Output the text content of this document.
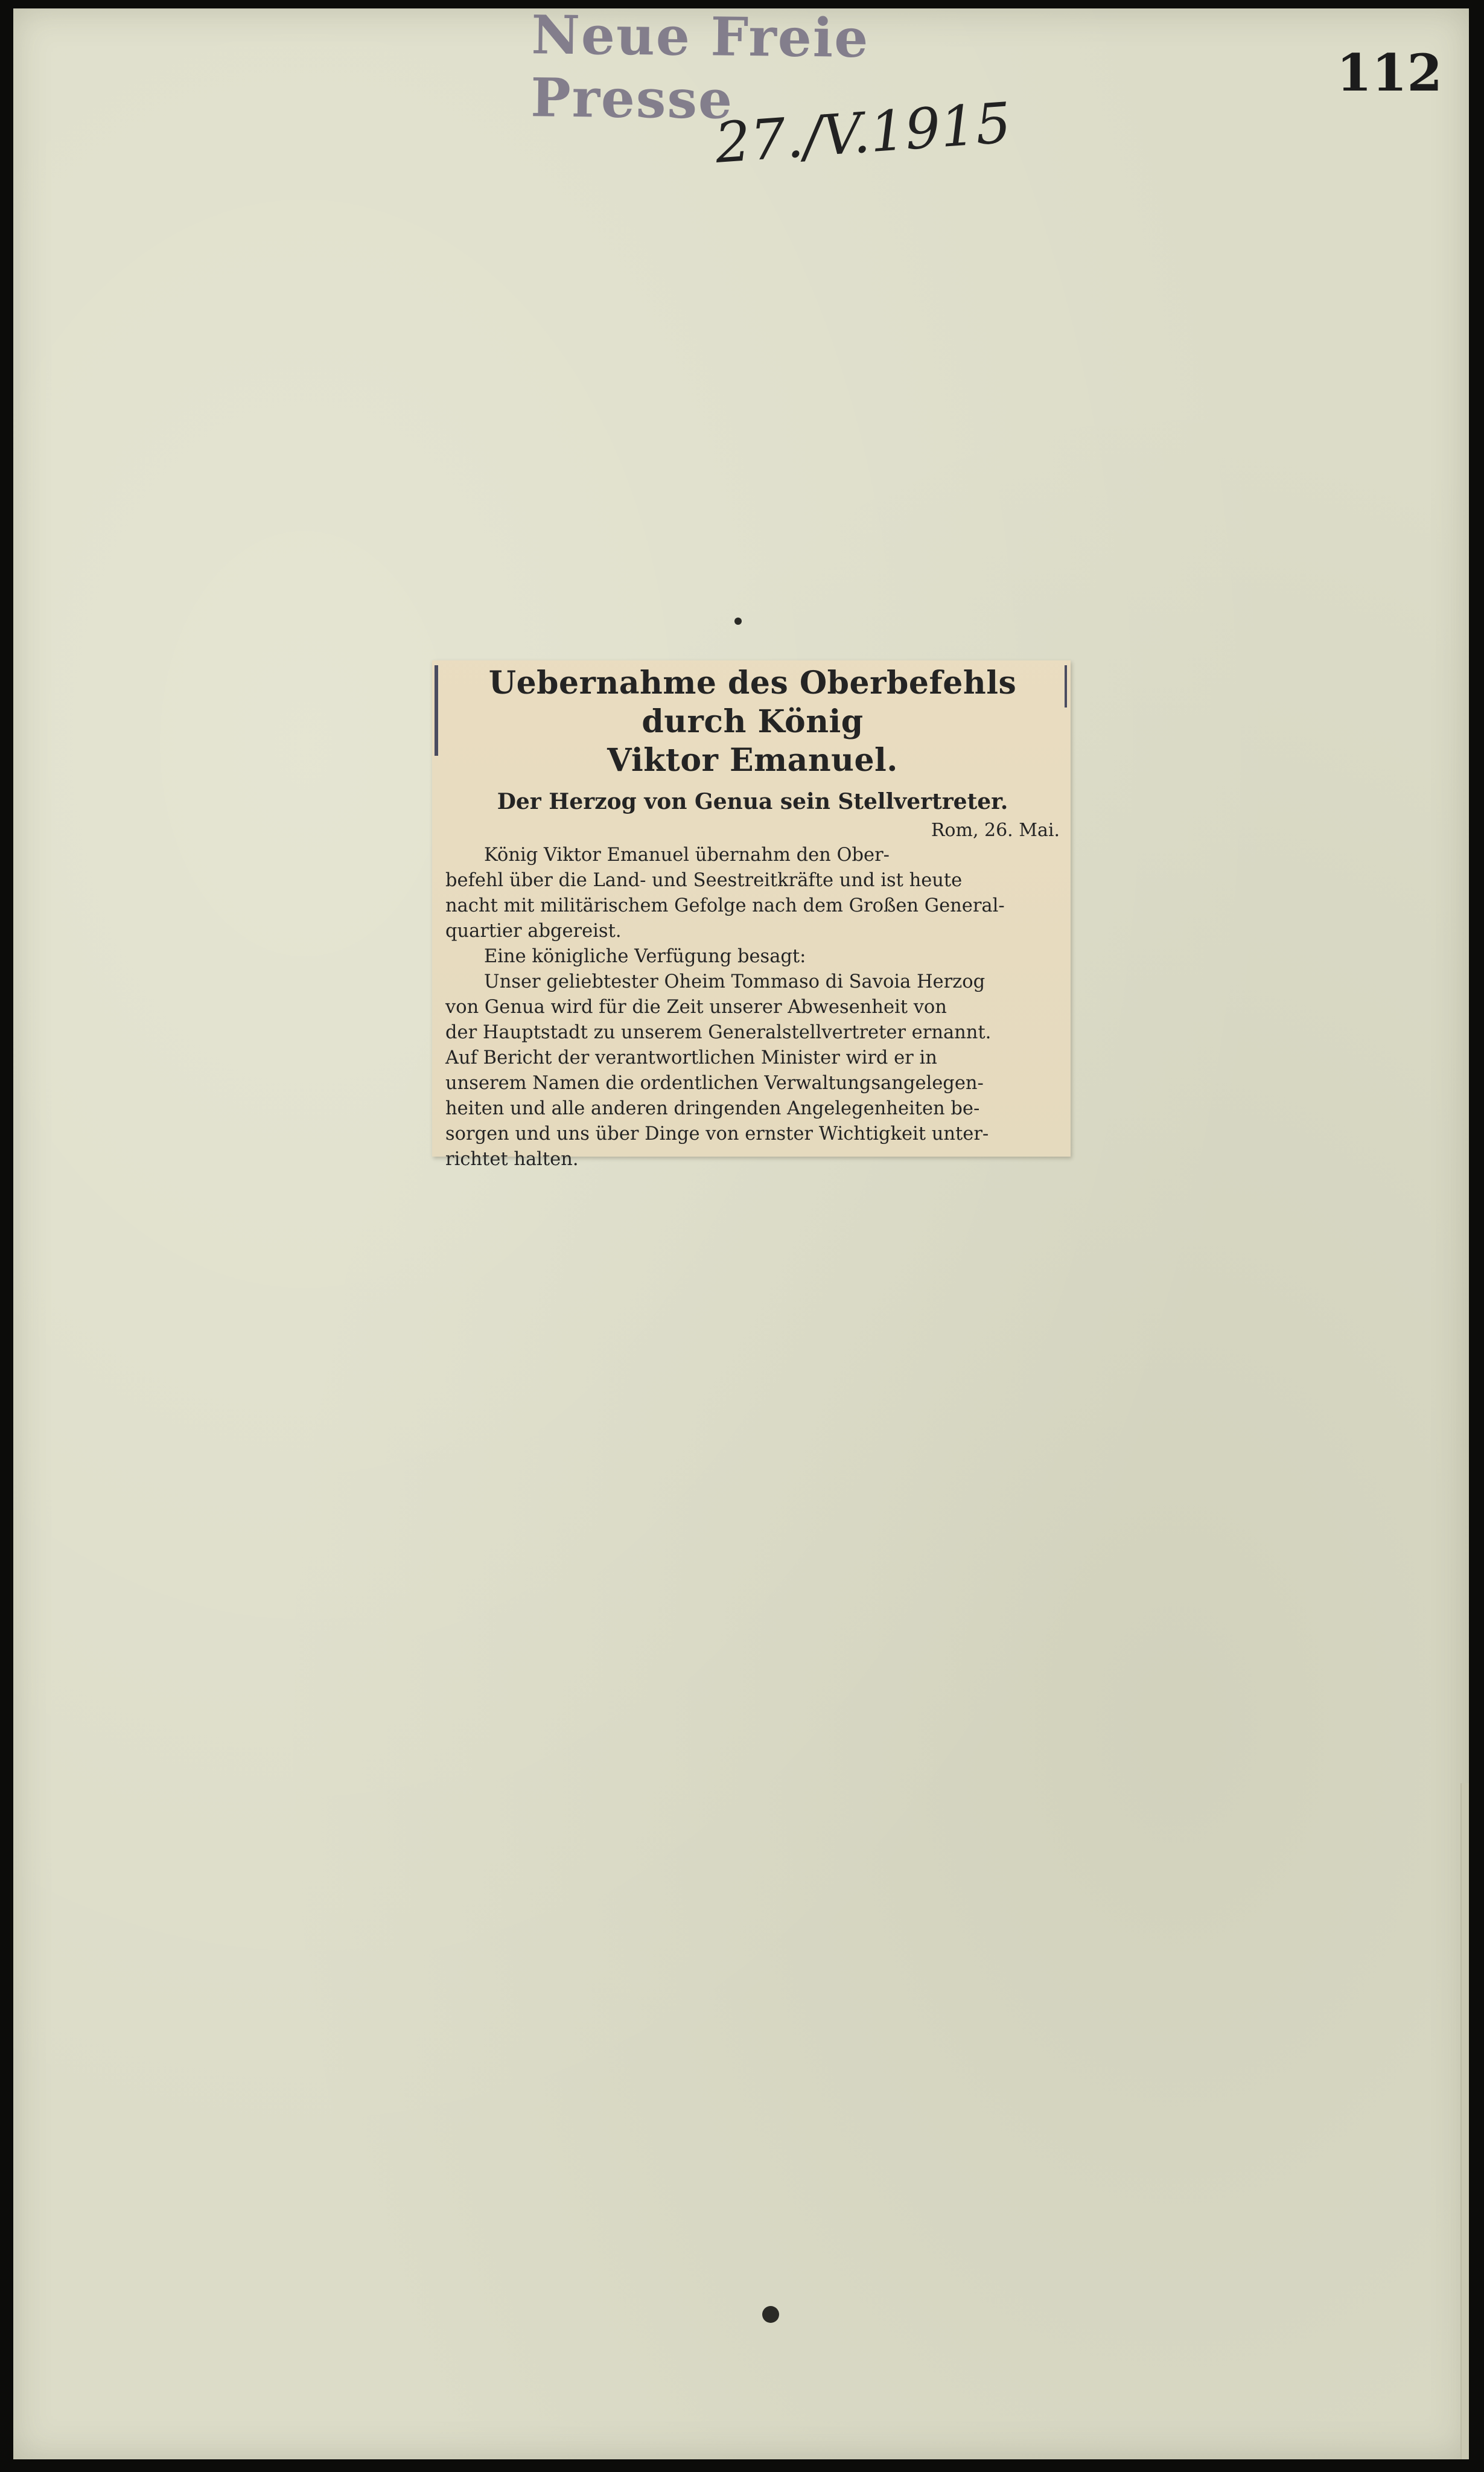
Neue Freie Presse	112
27./V.1915
Uebernahme des Oberbefehls durch König
Viktor Emanuel.
Der Herzog von Genua sein Stellvertreter.

Rom, 26. Mai.

König Viktor Emanuel übernahm den Ober-
befehl über die Land- und Seestreitkräfte und ist heute
nacht mit militärischem Gefolge nach dem Großen General-
quartier abgereist.
Eine königliche Verfügung besagt:
Unser geliebtester Oheim Tommaso di Savoia Herzog
von Genua wird für die Zeit unserer Abwesenheit von
der Hauptstadt zu unserem Generalstellvertreter ernannt.
Auf Bericht der verantwortlichen Minister wird er in
unserem Namen die ordentlichen Verwaltungsangelegen-
heiten und alle anderen dringenden Angelegenheiten be-
sorgen und uns über Dinge von ernster Wichtigkeit unter-
richtet halten.
